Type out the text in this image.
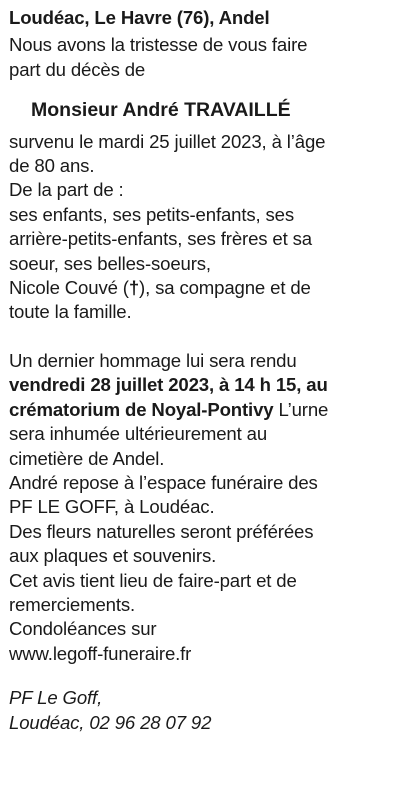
Loudéac, Le Havre (76), Andel
Nous avons la tristesse de vous faire
part du décès de
Monsieur André TRAVAILLÉ
survenu le mardi 25 juillet 2023, à l’âge
de 80 ans.
De la part de :
ses enfants, ses petits-enfants, ses
arrière-petits-enfants, ses frères et sa
soeur, ses belles-soeurs,
Nicole Couvé (†), sa compagne et de
toute la famille.
Un dernier hommage lui sera rendu
vendredi 28 juillet 2023, à 14 h 15, au
crématorium de Noyal-Pontivy L’urne
sera inhumée ultérieurement au
cimetière de Andel.
André repose à l’espace funéraire des
PF LE GOFF, à Loudéac.
Des fleurs naturelles seront préférées
aux plaques et souvenirs.
Cet avis tient lieu de faire-part et de
remerciements.
Condoléances sur
www.legoff-funeraire.fr
PF Le Goff,
Loudéac, 02 96 28 07 92
